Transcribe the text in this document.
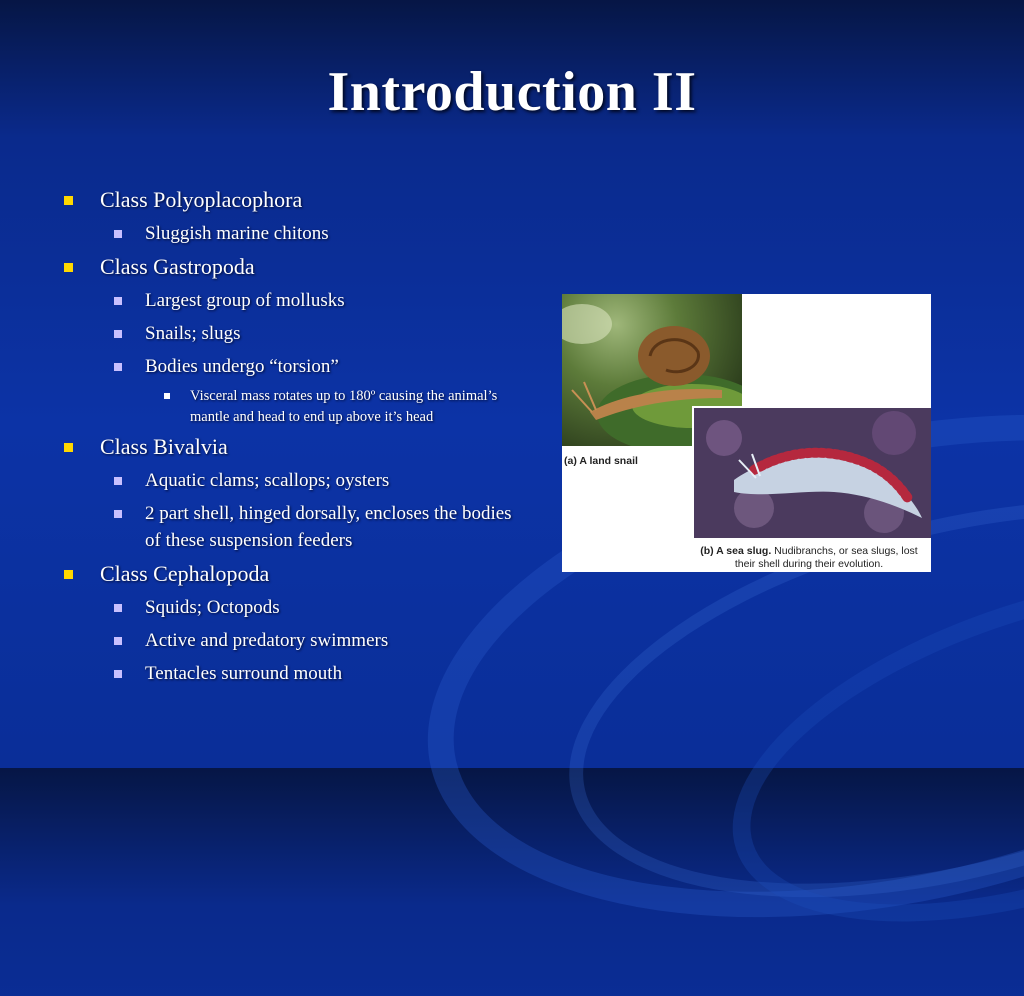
Introduction II
Class Polyoplacophora
Sluggish marine chitons
Class Gastropoda
Largest group of mollusks
Snails; slugs
Bodies undergo “torsion”
Visceral mass rotates up to 180º causing the animal’s mantle and head to end up above it’s head
Class Bivalvia
Aquatic clams; scallops; oysters
2 part shell, hinged dorsally, encloses the bodies of these suspension feeders
Class Cephalopoda
Squids; Octopods
Active and predatory swimmers
Tentacles surround mouth
(a) A land snail
(b) A sea slug. Nudibranchs, or sea slugs, lost their shell during their evolution.
